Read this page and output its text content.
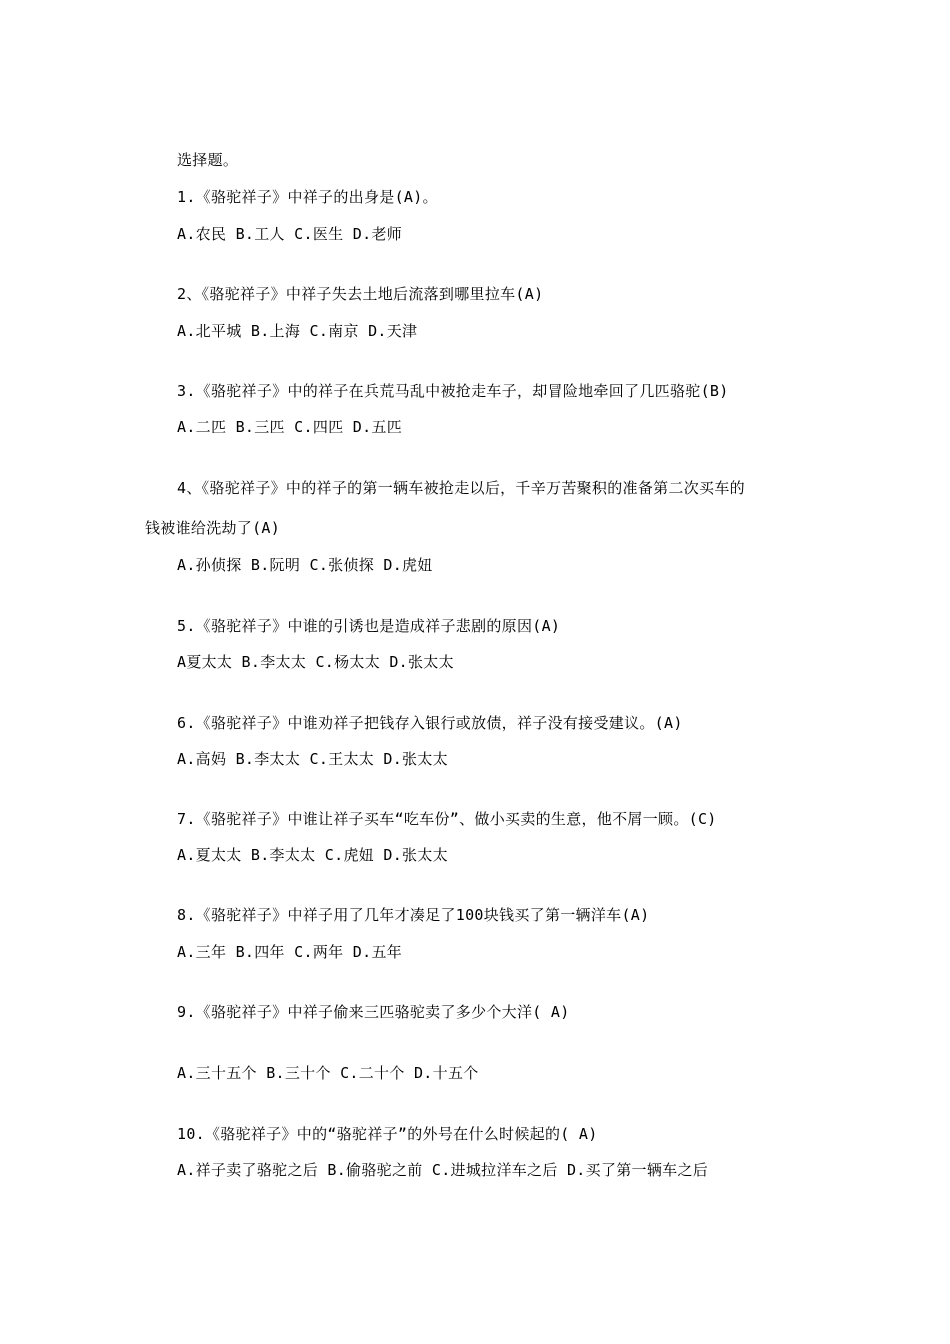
选择题。
1.《骆驼祥子》中祥子的出身是(A)。
A.农民 B.工人 C.医生 D.老师
2、《骆驼祥子》中祥子失去土地后流落到哪里拉车(A)
A.北平城 B.上海 C.南京 D.天津
3.《骆驼祥子》中的祥子在兵荒马乱中被抢走车子，却冒险地牵回了几匹骆驼(B)
A.二匹 B.三匹 C.四匹 D.五匹
4、《骆驼祥子》中的祥子的第一辆车被抢走以后，千辛万苦聚积的准备第二次买车的
钱被谁给洗劫了(A)
A.孙侦探 B.阮明 C.张侦探 D.虎妞
5.《骆驼祥子》中谁的引诱也是造成祥子悲剧的原因(A)
A夏太太 B.李太太 C.杨太太 D.张太太
6.《骆驼祥子》中谁劝祥子把钱存入银行或放债，祥子没有接受建议。(A)
A.高妈 B.李太太 C.王太太 D.张太太
7.《骆驼祥子》中谁让祥子买车“吃车份”、做小买卖的生意，他不屑一顾。(C)
A.夏太太 B.李太太 C.虎妞 D.张太太
8.《骆驼祥子》中祥子用了几年才凑足了100块钱买了第一辆洋车(A)
A.三年 B.四年 C.两年 D.五年
9.《骆驼祥子》中祥子偷来三匹骆驼卖了多少个大洋( A)
A.三十五个 B.三十个 C.二十个 D.十五个
10.《骆驼祥子》中的“骆驼祥子”的外号在什么时候起的( A)
A.祥子卖了骆驼之后 B.偷骆驼之前 C.进城拉洋车之后 D.买了第一辆车之后
